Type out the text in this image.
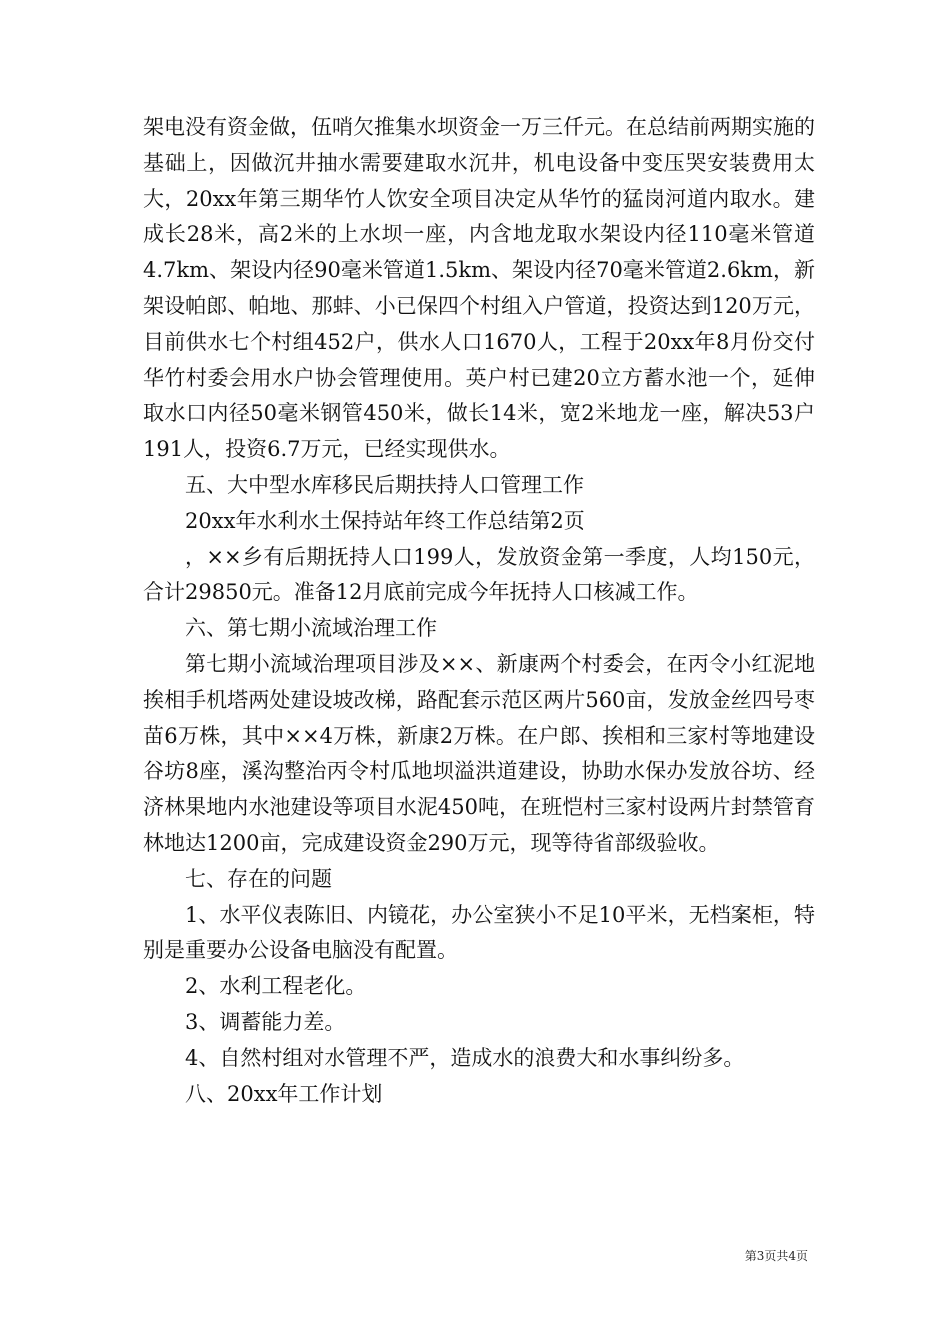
架电没有资金做，伍哨欠推集水坝资金一万三仟元。在总结前两期实施的基础上，因做沉井抽水需要建取水沉井，机电设备中变压哭安装费用太大，20xx年第三期华竹人饮安全项目决定从华竹的猛岗河道内取水。建成长28米，高2米的上水坝一座，内含地龙取水架设内径110毫米管道4.7km、架设内径90毫米管道1.5km、架设内径70毫米管道2.6km，新架设帕郎、帕地、那蚌、小已保四个村组入户管道，投资达到120万元，目前供水七个村组452户，供水人口1670人，工程于20xx年8月份交付华竹村委会用水户协会管理使用。英户村已建20立方蓄水池一个，延伸取水口内径50毫米钢管450米，做长14米，宽2米地龙一座，解决53户191人，投资6.7万元，已经实现供水。

五、大中型水库移民后期扶持人口管理工作

20xx年水利水土保持站年终工作总结第2页

，××乡有后期抚持人口199人，发放资金第一季度，人均150元，合计29850元。准备12月底前完成今年抚持人口核减工作。

六、第七期小流域治理工作

第七期小流域治理项目涉及××、新康两个村委会，在丙令小红泥地挨相手机塔两处建设坡改梯，路配套示范区两片560亩，发放金丝四号枣苗6万株，其中××4万株，新康2万株。在户郎、挨相和三家村等地建设谷坊8座，溪沟整治丙令村瓜地坝溢洪道建设，协助水保办发放谷坊、经济林果地内水池建设等项目水泥450吨，在班恺村三家村设两片封禁管育林地达1200亩，完成建设资金290万元，现等待省部级验收。

七、存在的问题

1、水平仪表陈旧、内镜花，办公室狭小不足10平米，无档案柜，特别是重要办公设备电脑没有配置。

2、水利工程老化。

3、调蓄能力差。

4、自然村组对水管理不严，造成水的浪费大和水事纠纷多。

八、20xx年工作计划

第3页共4页
